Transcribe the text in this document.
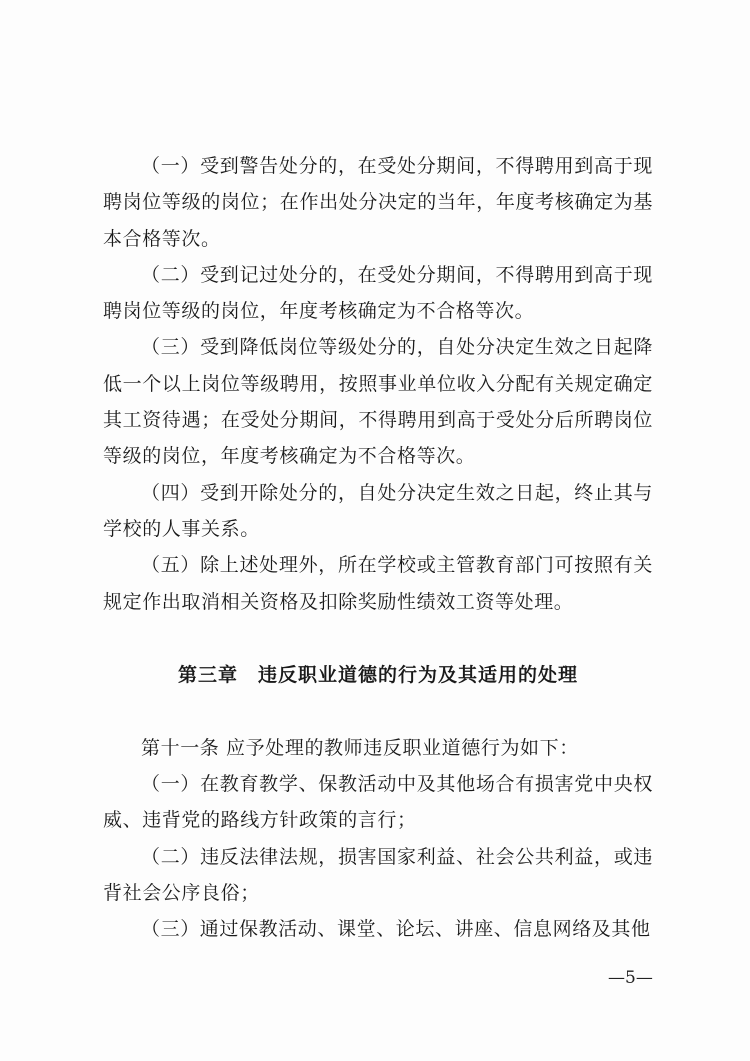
（一）受到警告处分的，在受处分期间，不得聘用到高于现聘岗位等级的岗位；在作出处分决定的当年，年度考核确定为基本合格等次。

（二）受到记过处分的，在受处分期间，不得聘用到高于现聘岗位等级的岗位，年度考核确定为不合格等次。

（三）受到降低岗位等级处分的，自处分决定生效之日起降低一个以上岗位等级聘用，按照事业单位收入分配有关规定确定其工资待遇；在受处分期间，不得聘用到高于受处分后所聘岗位等级的岗位，年度考核确定为不合格等次。

（四）受到开除处分的，自处分决定生效之日起，终止其与学校的人事关系。

（五）除上述处理外，所在学校或主管教育部门可按照有关规定作出取消相关资格及扣除奖励性绩效工资等处理。

第三章　违反职业道德的行为及其适用的处理

第十一条 应予处理的教师违反职业道德行为如下：

（一）在教育教学、保教活动中及其他场合有损害党中央权威、违背党的路线方针政策的言行；

（二）违反法律法规，损害国家利益、社会公共利益，或违背社会公序良俗；

（三）通过保教活动、课堂、论坛、讲座、信息网络及其他

—5—
